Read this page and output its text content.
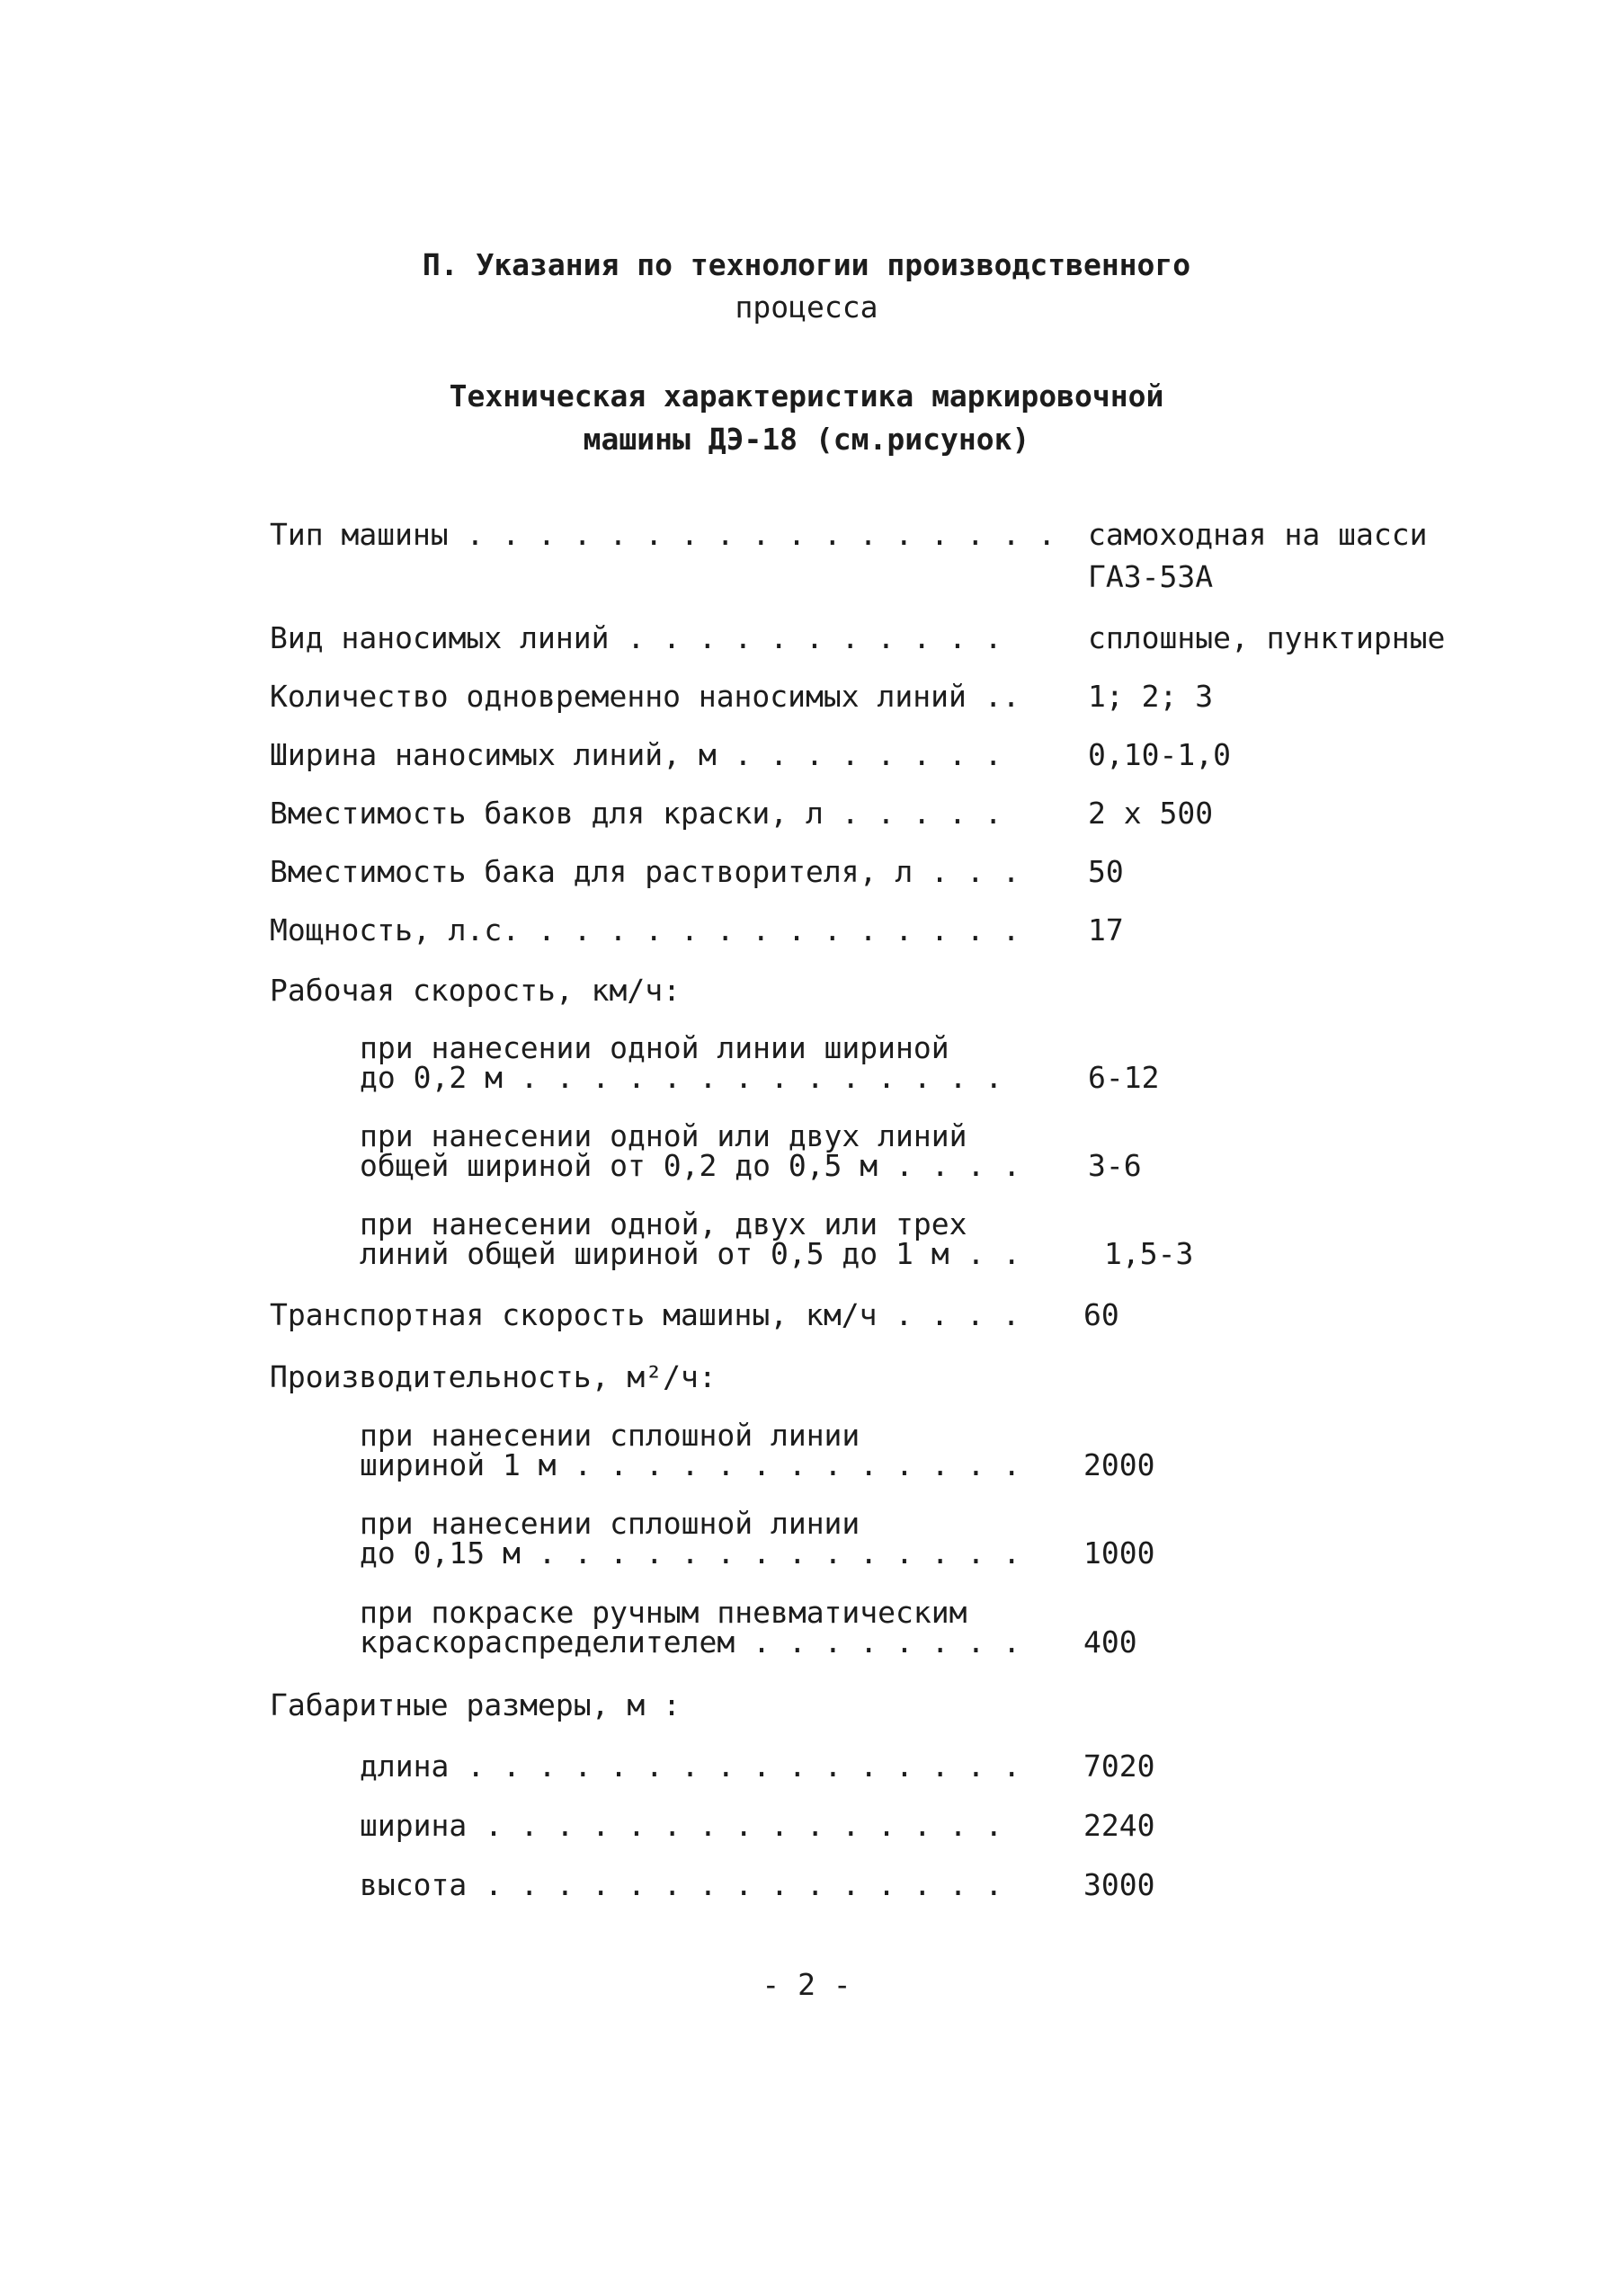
П. Указания по технологии производственного
процесса
Техническая характеристика маркировочной
машины ДЭ-18 (см.рисунок)
Тип машины . . . . . . . . . . . . . . . . . самоходная на шасси
ГАЗ-53А
Вид наносимых линий . . . . . . . . . . .	сплошные, пунктирные
Количество одновременно наносимых линий .. 1; 2; 3
Ширина наносимых линий, м . . . . . . . .	0,10-1,0
Вместимость баков для краски, л . . . . .	2 х 500
Вместимость бака для растворителя, л . . . 50
Мощность, л.с. . . . . . . . . . . . . . . 17
Рабочая скорость, км/ч:
при нанесении одной линии шириной
до 0,2 м . . . . . . . . . . . . . .	6-12
при нанесении одной или двух линий
общей шириной от 0,2 до 0,5 м . . . . 3-6
при нанесении одной, двух или трех
линий общей шириной от 0,5 до 1 м . .	1,5-3
Транспортная скорость машины, км/ч . . . . 60
Производительность, м²/ч:
при нанесении сплошной линии
шириной 1 м . . . . . . . . . . . . . 2000
при нанесении сплошной линии
до 0,15 м . . . . . . . . . . . . . . 1000
при покраске ручным пневматическим
краскораспределителем . . . . . . . . 400
Габаритные размеры, м :
длина . . . . . . . . . . . . . . . . 7020
ширина . . . . . . . . . . . . . . .	2240
высота . . . . . . . . . . . . . . .	3000
- 2 -
